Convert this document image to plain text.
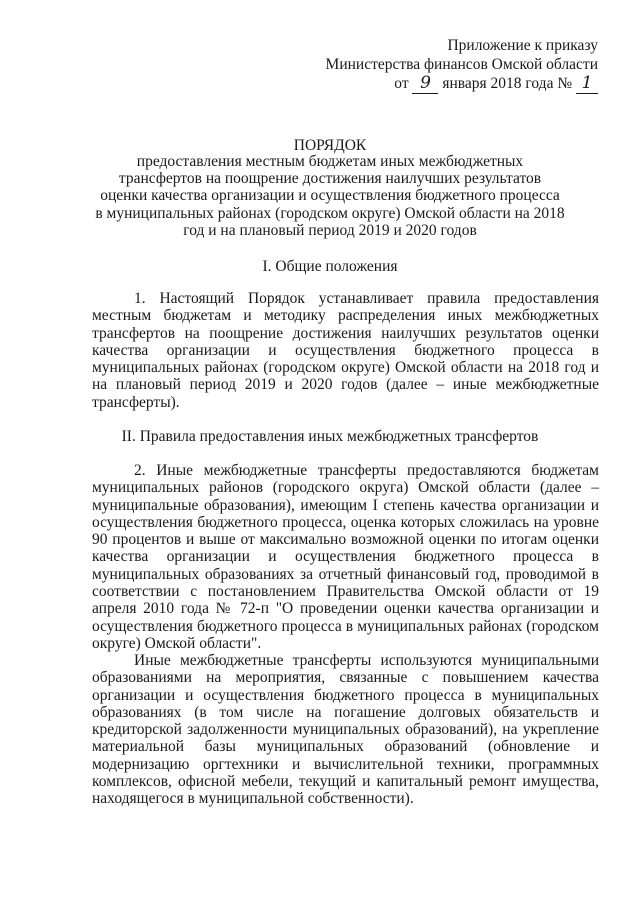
Приложение к приказу
Министерства финансов Омской области
от 9 января 2018 года № 1
ПОРЯДОК
предоставления местным бюджетам иных межбюджетных трансфертов на поощрение достижения наилучших результатов оценки качества организации и осуществления бюджетного процесса в муниципальных районах (городском округе) Омской области на 2018 год и на плановый период 2019 и 2020 годов
I. Общие положения

1. Настоящий Порядок устанавливает правила предоставления местным бюджетам и методику распределения иных межбюджетных трансфертов на поощрение достижения наилучших результатов оценки качества организации и осуществления бюджетного процесса в муниципальных районах (городском округе) Омской области на 2018 год и на плановый период 2019 и 2020 годов (далее – иные межбюджетные трансферты).

II. Правила предоставления иных межбюджетных трансфертов

2. Иные межбюджетные трансферты предоставляются бюджетам муниципальных районов (городского округа) Омской области (далее – муниципальные образования), имеющим I степень качества организации и осуществления бюджетного процесса, оценка которых сложилась на уровне 90 процентов и выше от максимально возможной оценки по итогам оценки качества организации и осуществления бюджетного процесса в муниципальных образованиях за отчетный финансовый год, проводимой в соответствии с постановлением Правительства Омской области от 19 апреля 2010 года № 72-п "О проведении оценки качества организации и осуществления бюджетного процесса в муниципальных районах (городском округе) Омской области".

Иные межбюджетные трансферты используются муниципальными образованиями на мероприятия, связанные с повышением качества организации и осуществления бюджетного процесса в муниципальных образованиях (в том числе на погашение долговых обязательств и кредиторской задолженности муниципальных образований), на укрепление материальной базы муниципальных образований (обновление и модернизацию оргтехники и вычислительной техники, программных комплексов, офисной мебели, текущий и капитальный ремонт имущества, находящегося в муниципальной собственности).
